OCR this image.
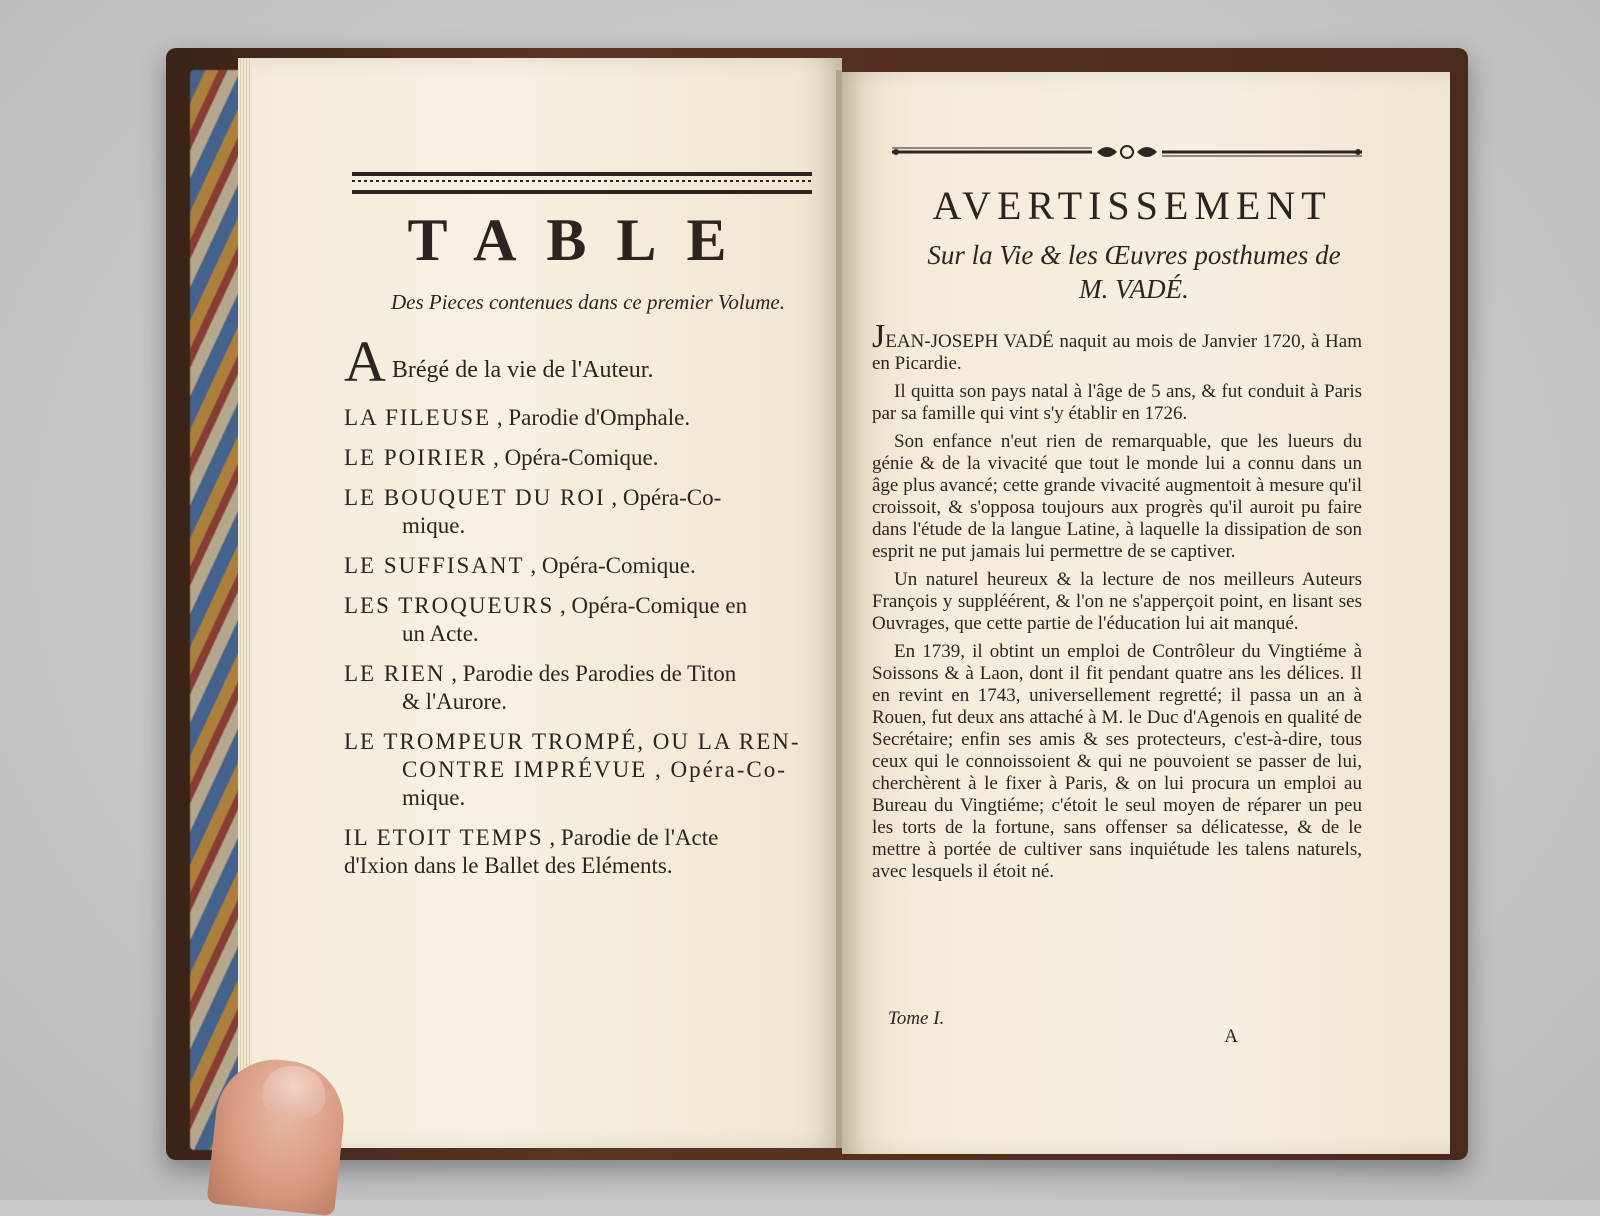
TABLE

Des Pieces contenues dans ce premier Volume.

A Brégé de la vie de l'Auteur.
LA FILEUSE , Parodie d'Omphale.
LE POIRIER , Opéra-Comique.
LE BOUQUET DU ROI , Opéra-Co-
mique.
LE SUFFISANT , Opéra-Comique.
LES TROQUEURS , Opéra-Comique en
un Acte.
LE RIEN , Parodie des Parodies de Titon
& l'Aurore.
LE TROMPEUR TROMPÉ, OU LA REN-
CONTRE IMPRÉVUE , Opéra-Co-
mique.
IL ETOIT TEMPS , Parodie de l'Acte
d'Ixion dans le Ballet des Eléments.
AVERTISSEMENT

Sur la Vie & les Œuvres posthumes de
M. VADÉ.

JEAN-JOSEPH VADÉ naquit au mois de Janvier 1720, à Ham en Picardie.

Il quitta son pays natal à l'âge de 5 ans, & fut conduit à Paris par sa famille qui vint s'y établir en 1726.

Son enfance n'eut rien de remarquable, que les lueurs du génie & de la vivacité que tout le monde lui a connu dans un âge plus avancé; cette grande vivacité augmentoit à mesure qu'il croissoit, & s'opposa toujours aux progrès qu'il auroit pu faire dans l'étude de la langue Latine, à laquelle la dissipation de son esprit ne put jamais lui permettre de se captiver.

Un naturel heureux & la lecture de nos meilleurs Auteurs François y suppléérent, & l'on ne s'apperçoit point, en lisant ses Ouvrages, que cette partie de l'éducation lui ait manqué.

En 1739, il obtint un emploi de Contrôleur du Vingtiéme à Soissons & à Laon, dont il fit pendant quatre ans les délices. Il en revint en 1743, universellement regretté; il passa un an à Rouen, fut deux ans attaché à M. le Duc d'Agenois en qualité de Secrétaire; enfin ses amis & ses protecteurs, c'est-à-dire, tous ceux qui le connoissoient & qui ne pouvoient se passer de lui, cherchèrent à le fixer à Paris, & on lui procura un emploi au Bureau du Vingtiéme; c'étoit le seul moyen de réparer un peu les torts de la fortune, sans offenser sa délicatesse, & de le mettre à portée de cultiver sans inquiétude les talens naturels, avec lesquels il étoit né.

Tome I.
A
